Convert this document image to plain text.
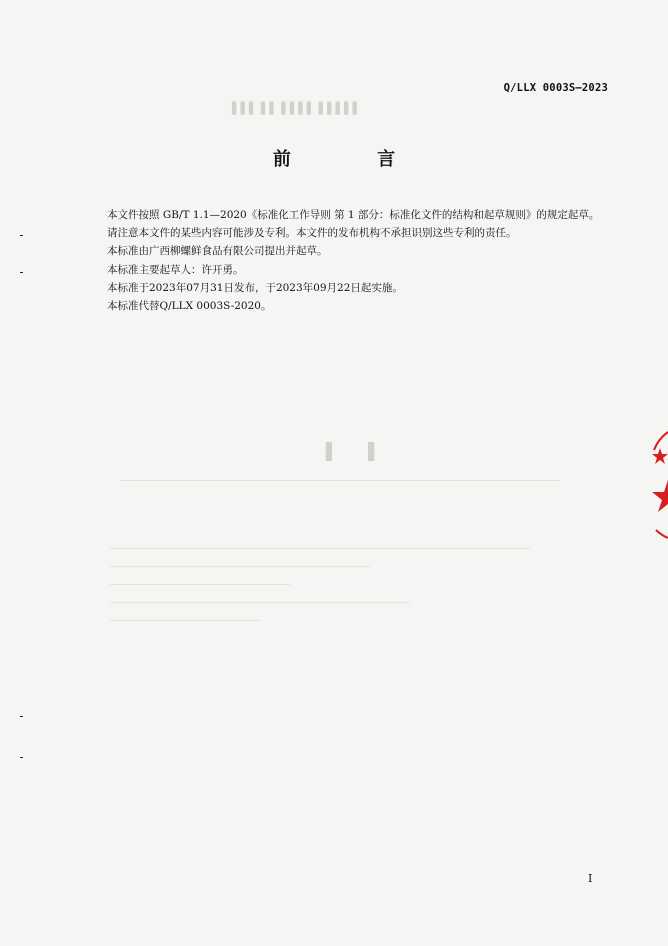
▌▌▌ ▌▌ ▌▌▌▌ ▌▌▌▌▌
▌▌
Q/LLX 0003S—2023
前 言

本文件按照 GB/T 1.1—2020《标准化工作导则 第 1 部分：标准化文件的结构和起草规则》的规定起草。

请注意本文件的某些内容可能涉及专利。本文件的发布机构不承担识别这些专利的责任。

本标准由广西柳螺鲜食品有限公司提出并起草。

本标准主要起草人：许开勇。

本标准于2023年07月31日发布，于2023年09月22日起实施。

本标准代替Q/LLX 0003S-2020。

I
